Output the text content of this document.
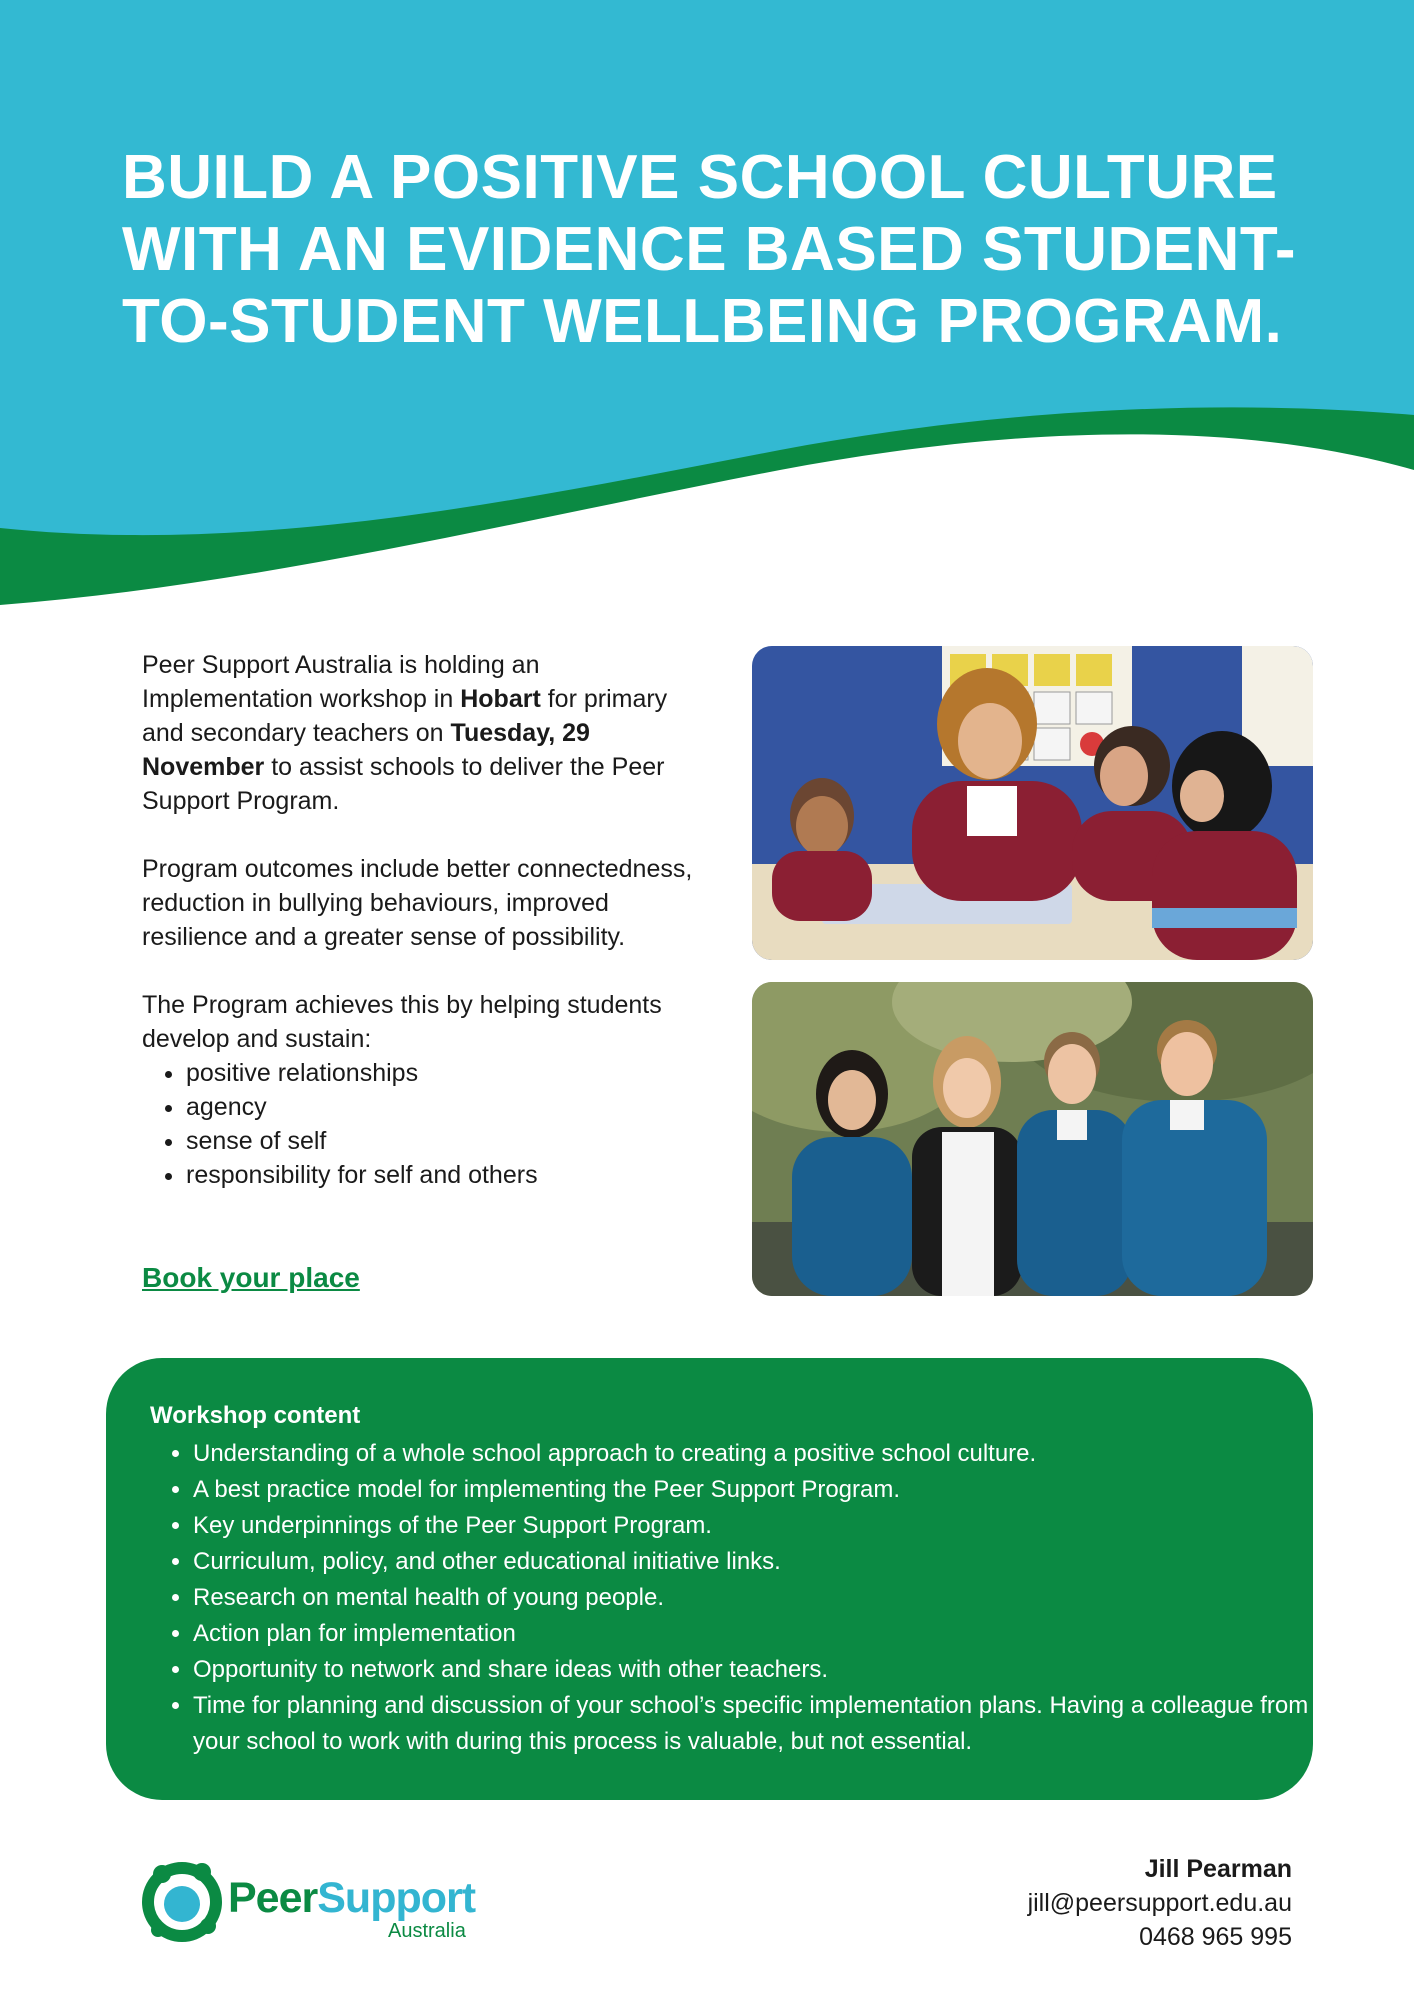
BUILD A POSITIVE SCHOOL CULTURE
WITH AN EVIDENCE BASED STUDENT-
TO-STUDENT WELLBEING PROGRAM.

Peer Support Australia is holding an Implementation workshop in Hobart for primary and secondary teachers on Tuesday, 29 November to assist schools to deliver the Peer Support Program.

Program outcomes include better connectedness, reduction in bullying behaviours, improved resilience and a greater sense of possibility.

The Program achieves this by helping students develop and sustain:
• positive relationships
• agency
• sense of self
• responsibility for self and others
Book your place
Workshop content
• Understanding of a whole school approach to creating a positive school culture.
• A best practice model for implementing the Peer Support Program.
• Key underpinnings of the Peer Support Program.
• Curriculum, policy, and other educational initiative links.
• Research on mental health of young people.
• Action plan for implementation
• Opportunity to network and share ideas with other teachers.
• Time for planning and discussion of your school’s specific implementation plans. Having a colleague from your school to work with during this process is valuable, but not essential.
PeerSupport
Australia
Jill Pearman
jill@peersupport.edu.au
0468 965 995
